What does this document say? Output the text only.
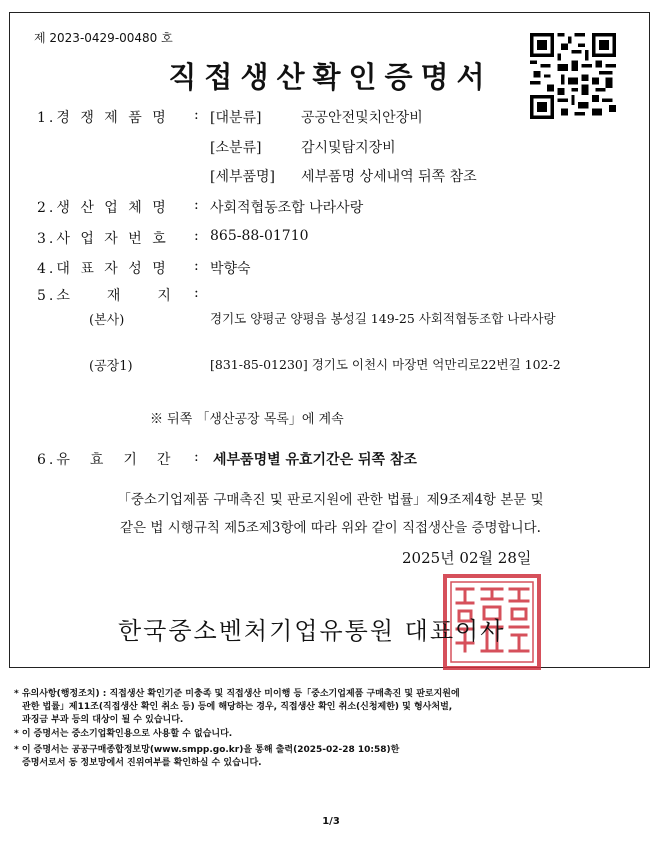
제 2023-0429-00480 호
직접생산확인증명서
1.경 쟁 제 품 명 : [대분류]	공공안전및치안장비
[소분류]	감시및탐지장비
[세부품명] 세부품명 상세내역 뒤쪽 참조
2.생 산 업 체 명 : 사회적협동조합 나라사랑
3.사 업 자 번 호 : 865-88-01710
4.대 표 자 성 명 : 박향숙
5.소　　재　　지 :
(본사)	경기도 양평군 양평읍 봉성길 149-25 사회적협동조합 나라사랑
(공장1)	[831-85-01230] 경기도 이천시 마장면 억만리로22번길 102-2
※ 뒤쪽 「생산공장 목록」에 계속
6.유　효　기　간 : 세부품명별 유효기간은 뒤쪽 참조
「중소기업제품 구매촉진 및 판로지원에 관한 법률」제9조제4항 본문 및
같은 법 시행규칙 제5조제3항에 따라 위와 같이 직접생산을 증명합니다.
2025년 02월 28일
한국중소벤처기업유통원 대표이사
* 유의사항(행정조치) : 직접생산 확인기준 미충족 및 직접생산 미이행 등「중소기업제품 구매촉진 및 판로지원에
관한 법률」제11조(직접생산 확인 취소 등) 등에 해당하는 경우, 직접생산 확인 취소(신청제한) 및 형사처벌,
과징금 부과 등의 대상이 될 수 있습니다.
* 이 증명서는 중소기업확인용으로 사용할 수 없습니다.
* 이 증명서는 공공구매종합정보망(www.smpp.go.kr)을 통해 출력(2025-02-28 10:58)한
증명서로서 동 정보망에서 진위여부를 확인하실 수 있습니다.
1/3
